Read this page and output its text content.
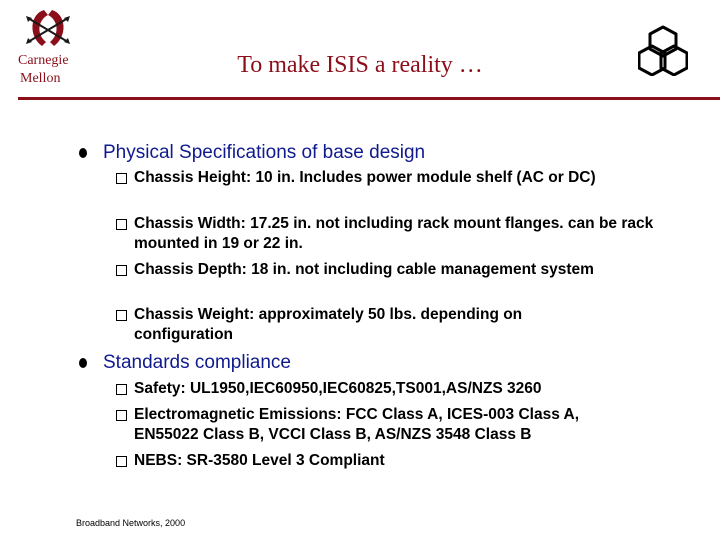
Carnegie
Mellon
To make ISIS a reality …
Physical Specifications of base design
Chassis Height: 10 in. Includes power module shelf (AC or DC)
Chassis Width: 17.25 in. not including rack mount flanges. can be rack mounted in 19 or 22 in.
Chassis Depth: 18 in. not including cable management system
Chassis Weight: approximately 50 lbs. depending on configuration
Standards compliance
Safety: UL1950,IEC60950,IEC60825,TS001,AS/NZS 3260
Electromagnetic Emissions: FCC Class A, ICES-003 Class A, EN55022 Class B, VCCI Class B, AS/NZS 3548 Class B
NEBS: SR-3580 Level 3 Compliant
Broadband Networks, 2000
